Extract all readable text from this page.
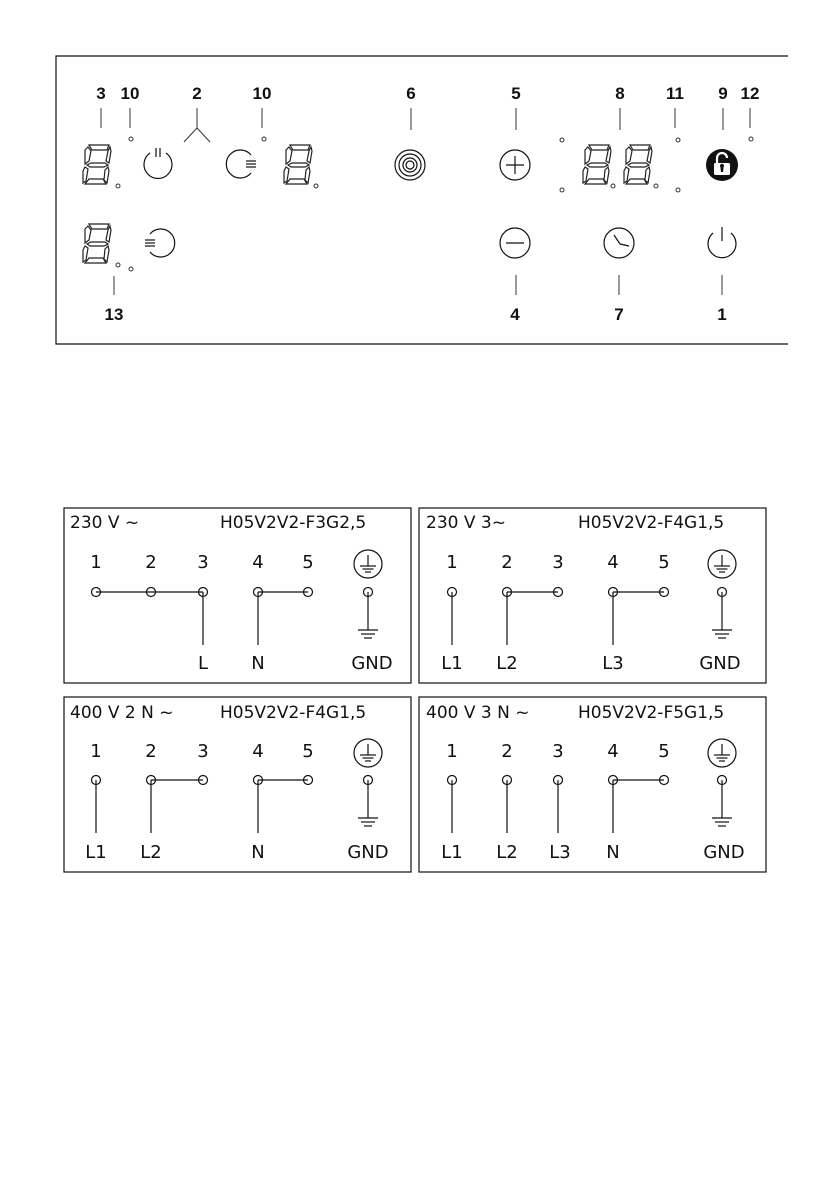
3 10	2	10	6	5	8 11 9 12
13	4	7	1
230 V ~	H05V2V2-F3G2,5
1 2 3 4 5
L N	GND
230 V 3~	H05V2V2-F4G1,5
1 2 3 4 5
L1 L2	L3	GND
400 V 2 N ~	H05V2V2-F4G1,5
1 2 3 4 5
L1 L2	N	GND
400 V 3 N ~	H05V2V2-F5G1,5
1 2 3 4 5
L1 L2 L3 N	GND
